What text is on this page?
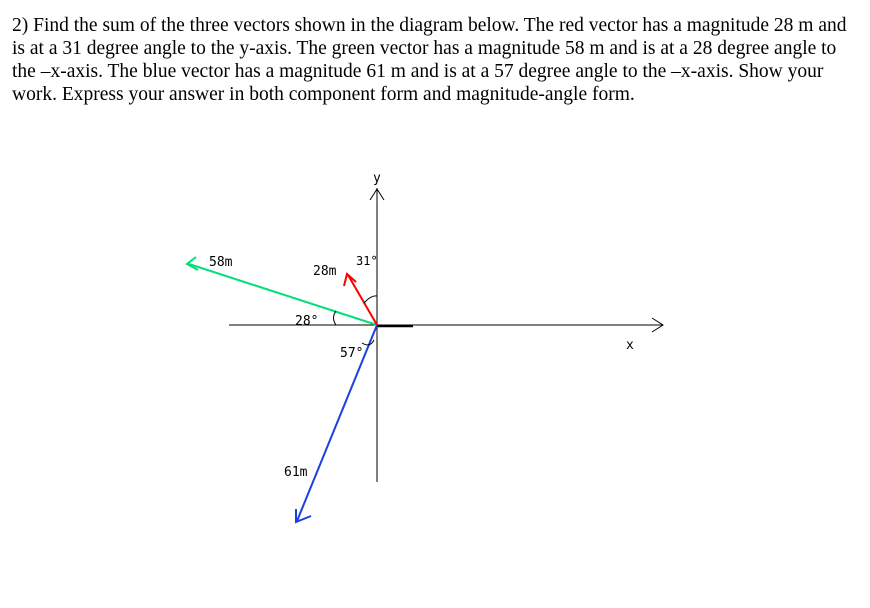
2) Find the sum of the three vectors shown in the diagram below. The red vector has a magnitude 28 m and is at a 31 degree angle to the y-axis. The green vector has a magnitude 58 m and is at a 28 degree angle to the –x-axis. The blue vector has a magnitude 61 m and is at a 57 degree angle to the –x-axis. Show your work. Express your answer in both component form and magnitude-angle form.

y
x
28m
31°
58m
28°
61m
57°
